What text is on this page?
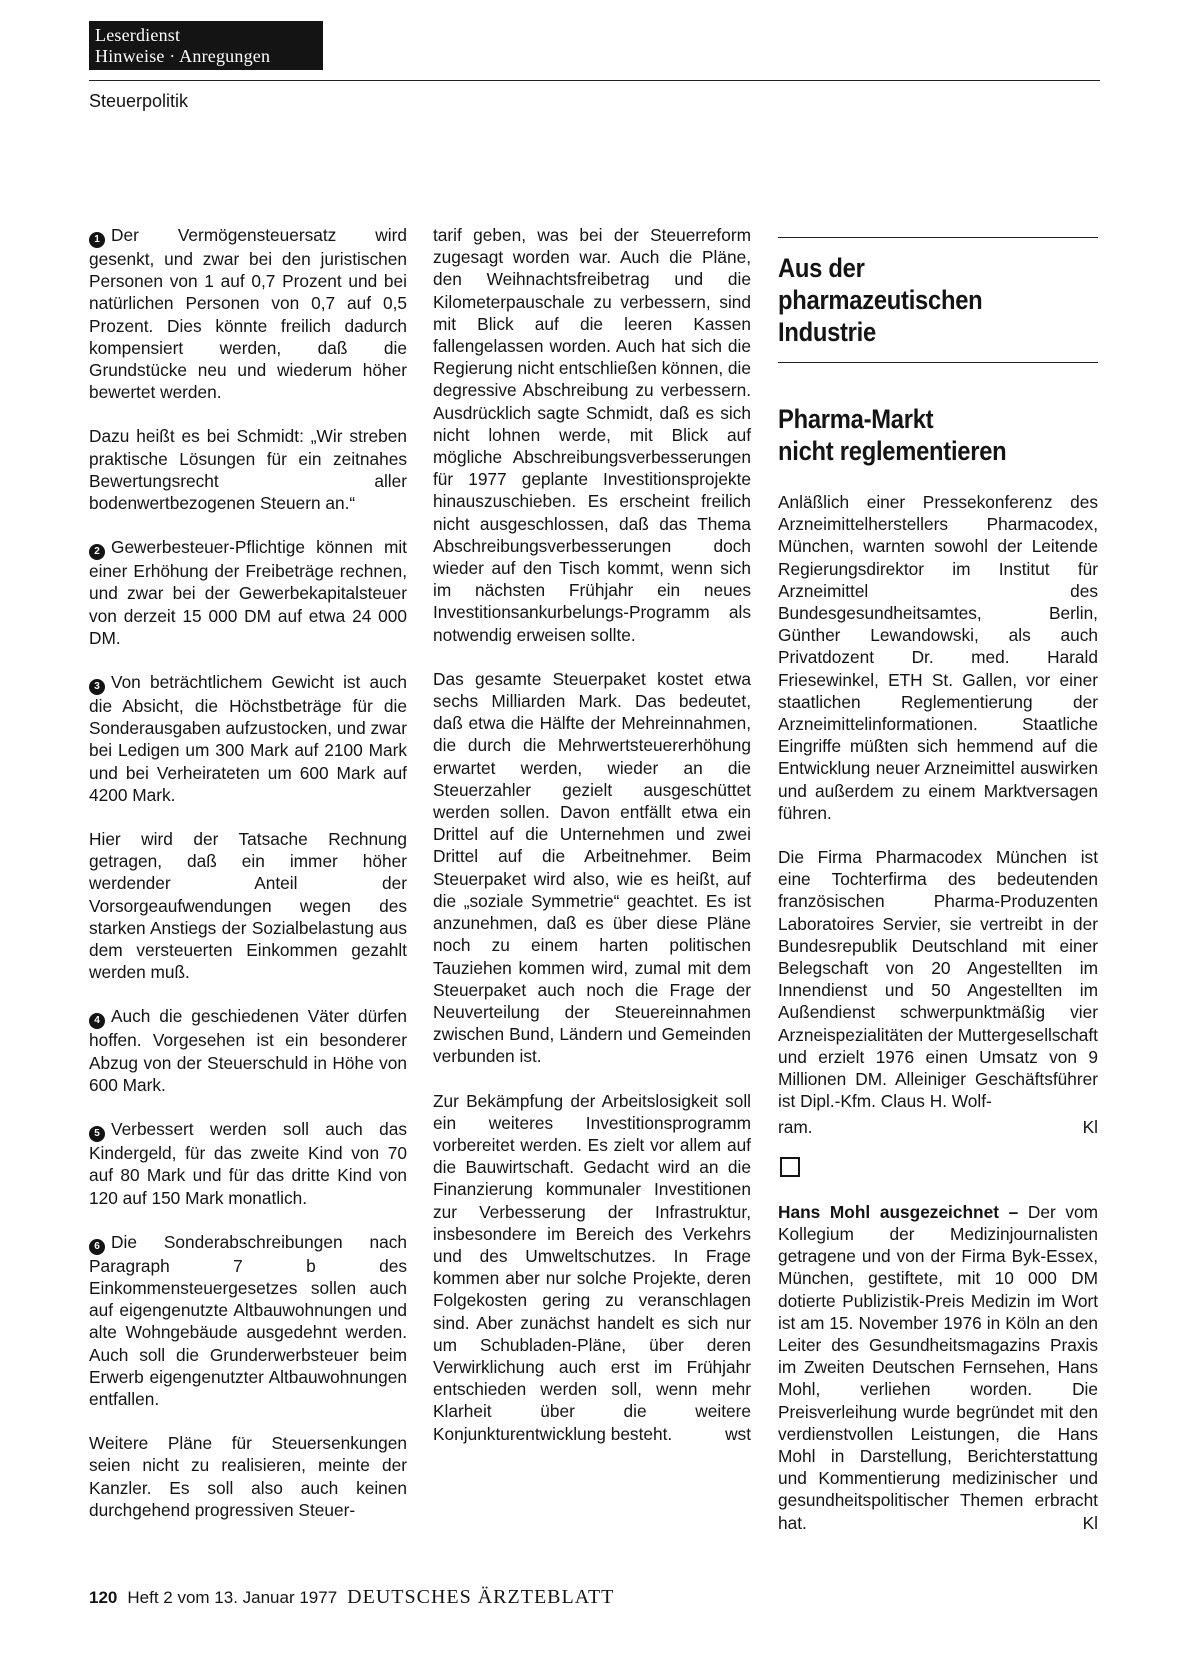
Leserdienst
Hinweise · Anregungen
Steuerpolitik

1 Der Vermögensteuersatz wird gesenkt, und zwar bei den juristischen Personen von 1 auf 0,7 Prozent und bei natürlichen Personen von 0,7 auf 0,5 Prozent. Dies könnte freilich dadurch kompensiert werden, daß die Grundstücke neu und wiederum höher bewertet werden.

Dazu heißt es bei Schmidt: „Wir streben praktische Lösungen für ein zeitnahes Bewertungsrecht aller bodenwertbezogenen Steuern an.“

2 Gewerbesteuer-Pflichtige können mit einer Erhöhung der Freibeträge rechnen, und zwar bei der Gewerbekapitalsteuer von derzeit 15 000 DM auf etwa 24 000 DM.

3 Von beträchtlichem Gewicht ist auch die Absicht, die Höchstbeträge für die Sonderausgaben aufzustocken, und zwar bei Ledigen um 300 Mark auf 2100 Mark und bei Verheirateten um 600 Mark auf 4200 Mark.

Hier wird der Tatsache Rechnung getragen, daß ein immer höher werdender Anteil der Vorsorgeaufwendungen wegen des starken Anstiegs der Sozialbelastung aus dem versteuerten Einkommen gezahlt werden muß.

4 Auch die geschiedenen Väter dürfen hoffen. Vorgesehen ist ein besonderer Abzug von der Steuerschuld in Höhe von 600 Mark.

5 Verbessert werden soll auch das Kindergeld, für das zweite Kind von 70 auf 80 Mark und für das dritte Kind von 120 auf 150 Mark monatlich.

6 Die Sonderabschreibungen nach Paragraph 7 b des Einkommensteuergesetzes sollen auch auf eigengenutzte Altbauwohnungen und alte Wohngebäude ausgedehnt werden. Auch soll die Grunderwerbsteuer beim Erwerb eigengenutzter Altbauwohnungen entfallen.

Weitere Pläne für Steuersenkungen seien nicht zu realisieren, meinte der Kanzler. Es soll also auch keinen durchgehend progressiven Steuer-

tarif geben, was bei der Steuerreform zugesagt worden war. Auch die Pläne, den Weihnachtsfreibetrag und die Kilometerpauschale zu verbessern, sind mit Blick auf die leeren Kassen fallengelassen worden. Auch hat sich die Regierung nicht entschließen können, die degressive Abschreibung zu verbessern. Ausdrücklich sagte Schmidt, daß es sich nicht lohnen werde, mit Blick auf mögliche Abschreibungsverbesserungen für 1977 geplante Investitionsprojekte hinauszuschieben. Es erscheint freilich nicht ausgeschlossen, daß das Thema Abschreibungsverbesserungen doch wieder auf den Tisch kommt, wenn sich im nächsten Frühjahr ein neues Investitionsankurbelungs-Programm als notwendig erweisen sollte.

Das gesamte Steuerpaket kostet etwa sechs Milliarden Mark. Das bedeutet, daß etwa die Hälfte der Mehreinnahmen, die durch die Mehrwertsteuererhöhung erwartet werden, wieder an die Steuerzahler gezielt ausgeschüttet werden sollen. Davon entfällt etwa ein Drittel auf die Unternehmen und zwei Drittel auf die Arbeitnehmer. Beim Steuerpaket wird also, wie es heißt, auf die „soziale Symmetrie“ geachtet. Es ist anzunehmen, daß es über diese Pläne noch zu einem harten politischen Tauziehen kommen wird, zumal mit dem Steuerpaket auch noch die Frage der Neuverteilung der Steuereinnahmen zwischen Bund, Ländern und Gemeinden verbunden ist.

Zur Bekämpfung der Arbeitslosigkeit soll ein weiteres Investitionsprogramm vorbereitet werden. Es zielt vor allem auf die Bauwirtschaft. Gedacht wird an die Finanzierung kommunaler Investitionen zur Verbesserung der Infrastruktur, insbesondere im Bereich des Verkehrs und des Umweltschutzes. In Frage kommen aber nur solche Projekte, deren Folgekosten gering zu veranschlagen sind. Aber zunächst handelt es sich nur um Schubladen-Pläne, über deren Verwirklichung auch erst im Frühjahr entschieden werden soll, wenn mehr Klarheit über die weitere Konjunkturentwicklung besteht.	wst

Aus der
pharmazeutischen
Industrie
Pharma-Markt
nicht reglementieren

Anläßlich einer Pressekonferenz des Arzneimittelherstellers Pharmacodex, München, warnten sowohl der Leitende Regierungsdirektor im Institut für Arzneimittel des Bundesgesundheitsamtes, Berlin, Günther Lewandowski, als auch Privatdozent Dr. med. Harald Friesewinkel, ETH St. Gallen, vor einer staatlichen Reglementierung der Arzneimittelinformationen. Staatliche Eingriffe müßten sich hemmend auf die Entwicklung neuer Arzneimittel auswirken und außerdem zu einem Marktversagen führen.

Die Firma Pharmacodex München ist eine Tochterfirma des bedeutenden französischen Pharma-Produzenten Laboratoires Servier, sie vertreibt in der Bundesrepublik Deutschland mit einer Belegschaft von 20 Angestellten im Innendienst und 50 Angestellten im Außendienst schwerpunktmäßig vier Arzneispezialitäten der Muttergesellschaft und erzielt 1976 einen Umsatz von 9 Millionen DM. Alleiniger Geschäftsführer ist Dipl.-Kfm. Claus H. Wolf-

ram.	Kl

Hans Mohl ausgezeichnet – Der vom Kollegium der Medizinjournalisten getragene und von der Firma Byk-Essex, München, gestiftete, mit 10 000 DM dotierte Publizistik-Preis Medizin im Wort ist am 15. November 1976 in Köln an den Leiter des Gesundheitsmagazins Praxis im Zweiten Deutschen Fernsehen, Hans Mohl, verliehen worden. Die Preisverleihung wurde begründet mit den verdienstvollen Leistungen, die Hans Mohl in Darstellung, Berichterstattung und Kommentierung medizinischer und gesundheitspolitischer Themen erbracht hat.	Kl

120 Heft 2 vom 13. Januar 1977 DEUTSCHES ÄRZTEBLATT
